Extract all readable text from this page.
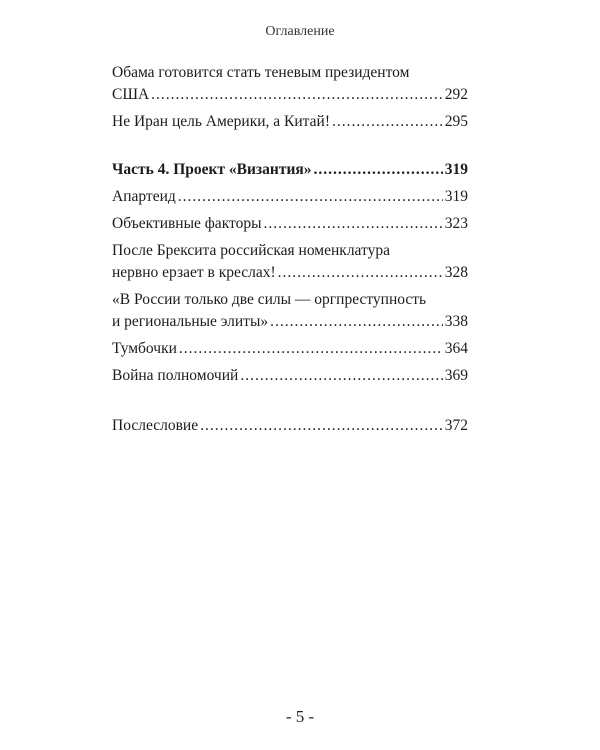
Оглавление
Обама готовится стать теневым президентом
США .....	292
Не Иран цель Америки, а Китай! .....	295
Часть 4. Проект «Византия» .....	319
Апартеид .....	319
Объективные факторы .....	323
После Брексита российская номенклатура
нервно ерзает в креслах! .....	328
«В России только две силы — оргпреступность
и региональные элиты» .....	338
Тумбочки .....	364
Война полномочий .....	369
Послесловие .....	372
- 5 -
